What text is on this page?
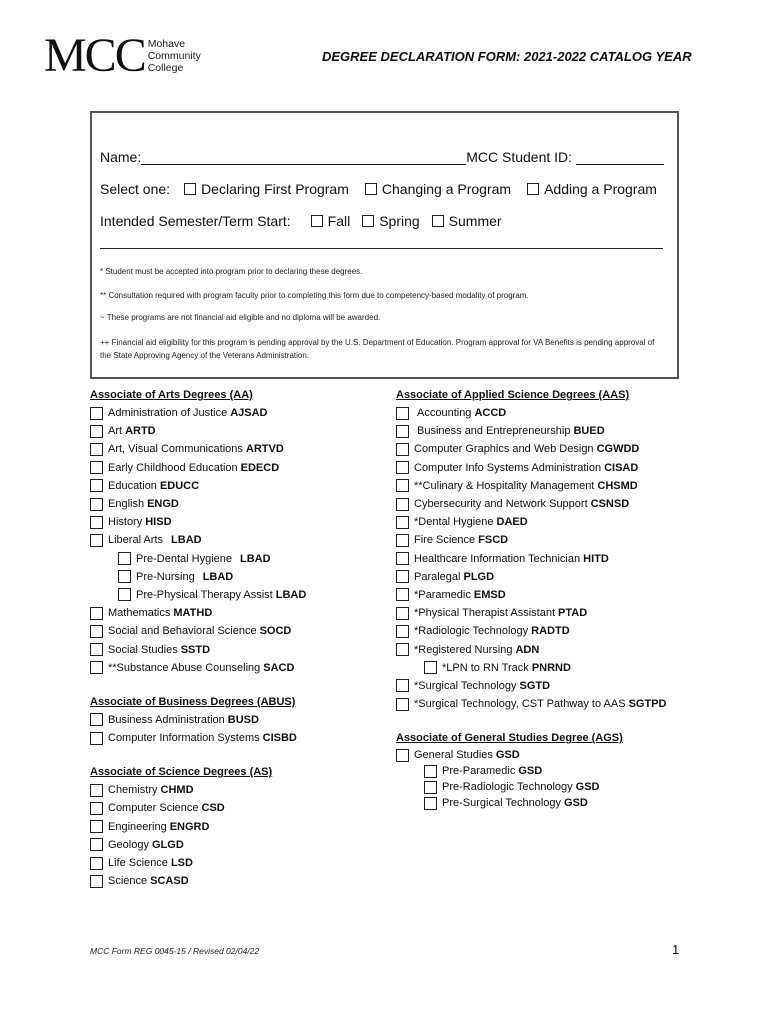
MCC Mohave
Community
College
DEGREE DECLARATION FORM: 2021-2022 CATALOG YEAR
Name:	MCC Student ID:
Select one: Declaring First Program Changing a Program Adding a Program
Intended Semester/Term Start:	Fall Spring Summer
* Student must be accepted into program prior to declaring these degrees.
** Consultation required with program faculty prior to completing this form due to competency-based modality of program.
~ These programs are not financial aid eligible and no diploma will be awarded.
++ Financial aid eligibility for this program is pending approval by the U.S. Department of Education. Program approval for VA Benefits is pending approval of the State Approving Agency of the Veterans Administration.
Associate of Arts Degrees (AA)
Administration of Justice AJSAD
Art ARTD
Art, Visual Communications ARTVD
Early Childhood Education EDECD
Education EDUCC
English ENGD
History HISD
Liberal Arts LBAD
Pre-Dental Hygiene LBAD
Pre-Nursing LBAD
Pre-Physical Therapy Assist LBAD
Mathematics MATHD
Social and Behavioral Science SOCD
Social Studies SSTD
**Substance Abuse Counseling SACD
Associate of Business Degrees (ABUS)
Business Administration BUSD
Computer Information Systems CISBD
Associate of Science Degrees (AS)
Chemistry CHMD
Computer Science CSD
Engineering ENGRD
Geology GLGD
Life Science LSD
Science SCASD
Associate of Applied Science Degrees (AAS)
Accounting ACCD
Business and Entrepreneurship BUED
Computer Graphics and Web Design CGWDD
Computer Info Systems Administration CISAD
**Culinary & Hospitality Management CHSMD
Cybersecurity and Network Support CSNSD
*Dental Hygiene DAED
Fire Science FSCD
Healthcare Information Technician HITD
Paralegal PLGD
*Paramedic EMSD
*Physical Therapist Assistant PTAD
*Radiologic Technology RADTD
*Registered Nursing ADN
*LPN to RN Track PNRND
*Surgical Technology SGTD
*Surgical Technology, CST Pathway to AAS SGTPD
Associate of General Studies Degree (AGS)
General Studies GSD
Pre-Paramedic GSD
Pre-Radiologic Technology GSD
Pre-Surgical Technology GSD
MCC Form REG 0045-15 / Revised 02/04/22	1
